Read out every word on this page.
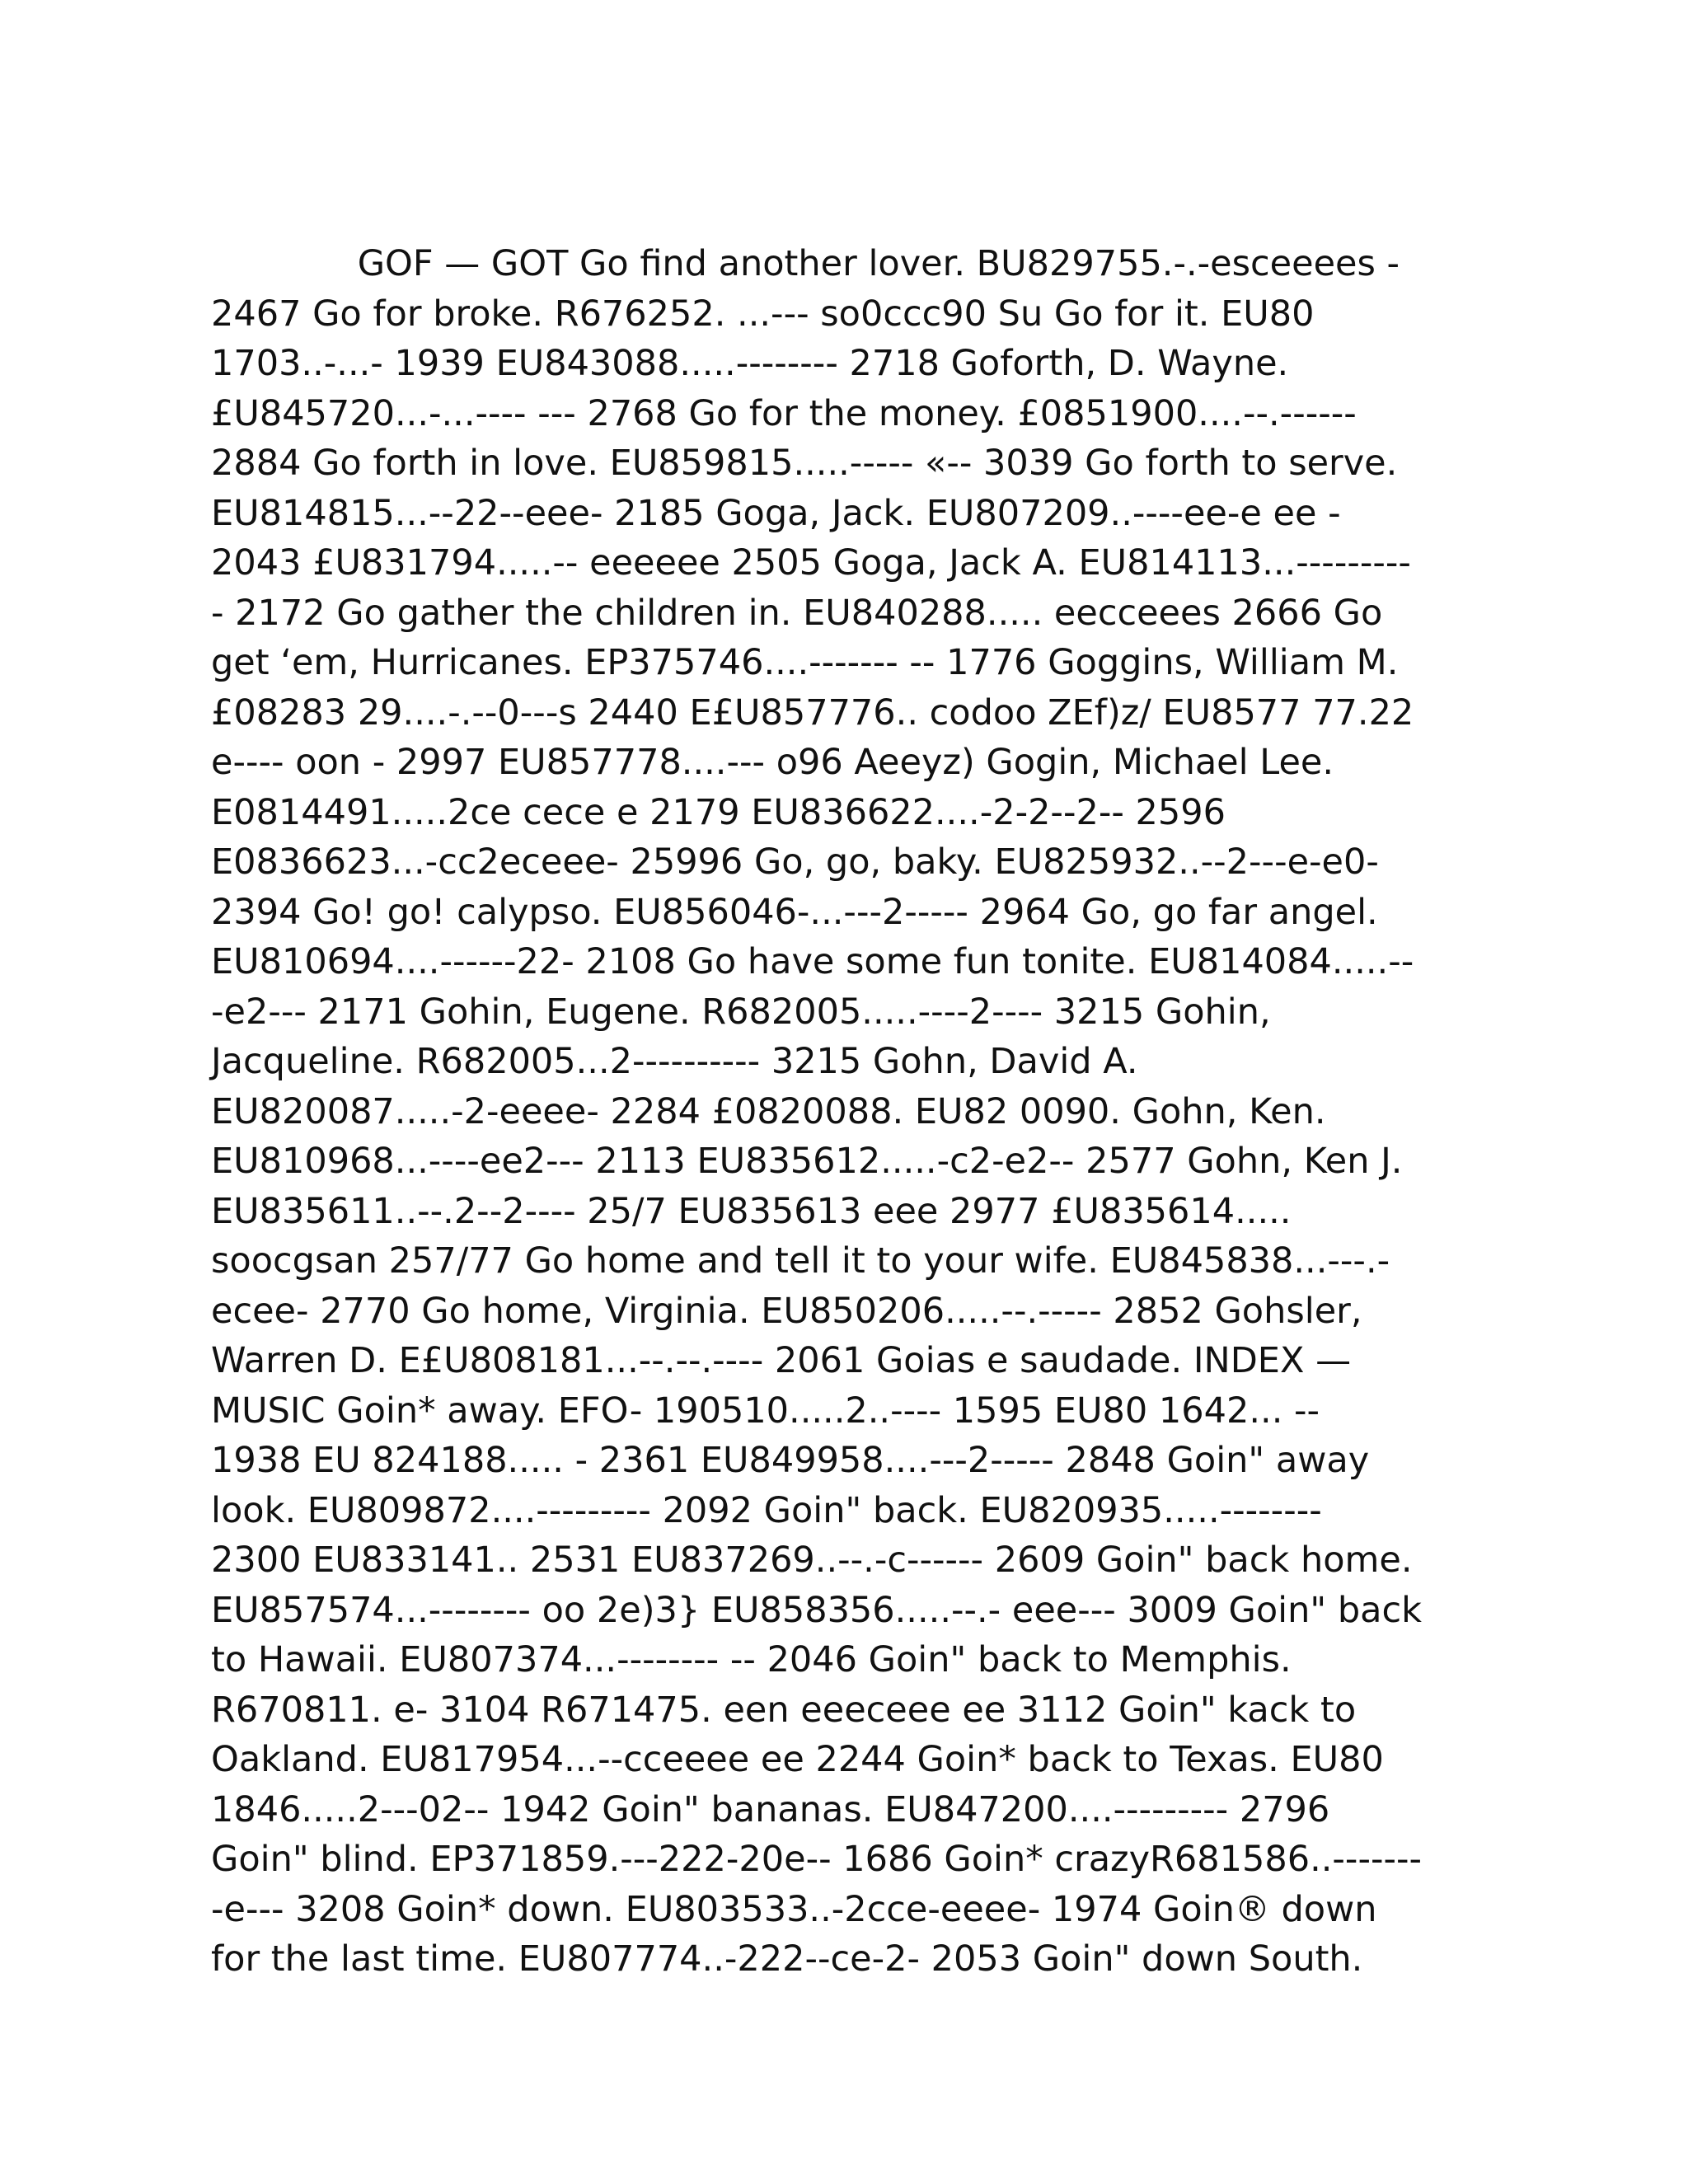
GOF — GOT Go find another lover. BU829755.-.-esceeees -
2467 Go for broke. R676252. ...--- so0ccc90 Su Go for it. EU80
1703..-...- 1939 EU843088.....-------- 2718 Goforth, D. Wayne.
£U845720...-...---- --- 2768 Go for the money. £0851900....--.------
2884 Go forth in love. EU859815.....----- «-- 3039 Go forth to serve.
EU814815...--22--eee- 2185 Goga, Jack. EU807209..----ee-e ee -
2043 £U831794.....-- eeeeee 2505 Goga, Jack A. EU814113...---------
- 2172 Go gather the children in. EU840288..... eecceees 2666 Go
get ‘em, Hurricanes. EP375746....------- -- 1776 Goggins, William M.
£08283 29....-.--0---s 2440 E£U857776.. codoo ZEf)z/ EU8577 77.22
e---- oon - 2997 EU857778....--- o96 Aeeyz) Gogin, Michael Lee.
E0814491.....2ce cece e 2179 EU836622....-2-2--2-- 2596
E0836623...-cc2eceee- 25996 Go, go, baky. EU825932..--2---e-e0-
2394 Go! go! calypso. EU856046-...---2----- 2964 Go, go far angel.
EU810694....------22- 2108 Go have some fun tonite. EU814084.....--
-e2--- 2171 Gohin, Eugene. R682005.....----2---- 3215 Gohin,
Jacqueline. R682005...2---------- 3215 Gohn, David A.
EU820087.....-2-eeee- 2284 £0820088. EU82 0090. Gohn, Ken.
EU810968...----ee2--- 2113 EU835612.....-c2-e2-- 2577 Gohn, Ken J.
EU835611..--.2--2---- 25/7 EU835613 eee 2977 £U835614.....
soocgsan 257/77 Go home and tell it to your wife. EU845838...---.-
ecee- 2770 Go home, Virginia. EU850206.....--.----- 2852 Gohsler,
Warren D. E£U808181...--.--.---- 2061 Goias e saudade. INDEX —
MUSIC Goin* away. EFO- 190510.....2..---- 1595 EU80 1642... --
1938 EU 824188..... - 2361 EU849958....---2----- 2848 Goin" away
look. EU809872....--------- 2092 Goin" back. EU820935.....--------
2300 EU833141.. 2531 EU837269..--.-c------ 2609 Goin" back home.
EU857574...-------- oo 2e)3} EU858356.....--.- eee--- 3009 Goin" back
to Hawaii. EU807374...-------- -- 2046 Goin" back to Memphis.
R670811. e- 3104 R671475. een eeeceee ee 3112 Goin" kack to
Oakland. EU817954...--cceeee ee 2244 Goin* back to Texas. EU80
1846.....2---02-- 1942 Goin" bananas. EU847200....--------- 2796
Goin" blind. EP371859.---222-20e-- 1686 Goin* crazyR681586..-------
-e--- 3208 Goin* down. EU803533..-2cce-eeee- 1974 Goin® down
for the last time. EU807774..-222--ce-2- 2053 Goin" down South.
